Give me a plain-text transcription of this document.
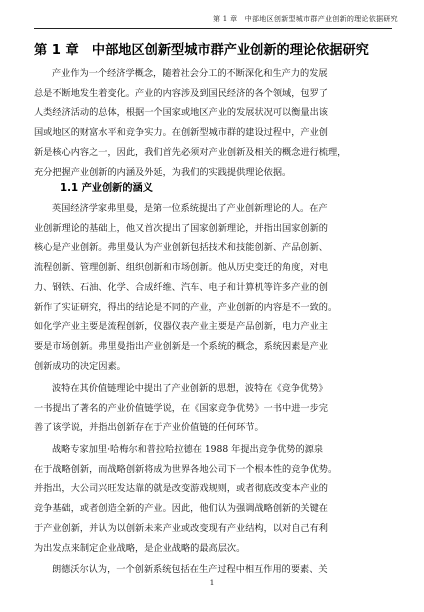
第 1 章　中部地区创新型城市群产业创新的理论依据研究
第 1 章　中部地区创新型城市群产业创新的理论依据研究
产业作为一个经济学概念，随着社会分工的不断深化和生产力的发展
总是不断地发生着变化。产业的内容涉及到国民经济的各个领域，包罗了
人类经济活动的总体，根据一个国家或地区产业的发展状况可以衡量出该
国或地区的财富水平和竞争实力。在创新型城市群的建设过程中，产业创
新是核心内容之一，因此，我们首先必须对产业创新及相关的概念进行梳理，
充分把握产业创新的内涵及外延，为我们的实践提供理论依据。
1.1 产业创新的涵义
英国经济学家弗里曼，是第一位系统提出了产业创新理论的人。在产
业创新理论的基础上，他又首次提出了国家创新理论，并指出国家创新的
核心是产业创新。弗里曼认为产业创新包括技术和技能创新、产品创新、
流程创新、管理创新、组织创新和市场创新。他从历史变迁的角度，对电
力、钢铁、石油、化学、合成纤维、汽车、电子和计算机等许多产业的创
新作了实证研究，得出的结论是不同的产业，产业创新的内容是不一致的。
如化学产业主要是流程创新，仪器仪表产业主要是产品创新，电力产业主
要是市场创新。弗里曼指出产业创新是一个系统的概念，系统因素是产业
创新成功的决定因素。
波特在其价值链理论中提出了产业创新的思想，波特在《竞争优势》
一书提出了著名的产业价值链学说，在《国家竞争优势》一书中进一步完
善了该学说，并指出创新存在于产业价值链的任何环节。
战略专家加里·哈梅尔和普拉哈拉德在 1988 年提出竞争优势的源泉
在于战略创新，而战略创新将成为世界各地公司下一个根本性的竞争优势。
并指出，大公司兴旺发达靠的就是改变游戏规则，或者彻底改变本产业的
竞争基础，或者创造全新的产业。因此，他们认为强调战略创新的关键在
于产业创新，并认为以创新未来产业或改变现有产业结构，以对自己有利
为出发点来制定企业战略，是企业战略的最高层次。
朗德沃尔认为，一个创新系统包括在生产过程中相互作用的要素、关
1
